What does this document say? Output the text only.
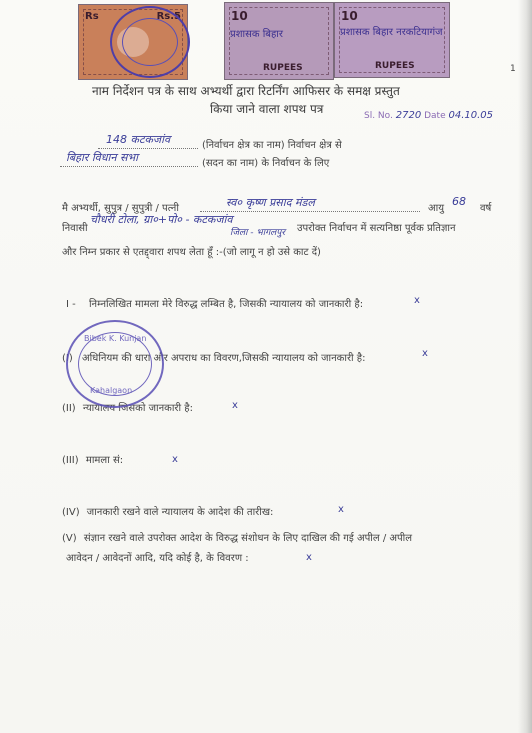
Rs	Rs.5	10
RUPEES
10
RUPEES
प्रशासक बिहार	प्रशासक बिहार नरकटियागंज
1
नाम निर्देशन पत्र के साथ अभ्यर्थी द्वारा रिटर्निंग आफिसर के समक्ष प्रस्तुत
किया जाने वाला शपथ पत्र	Sl. No. 2720 Date 04.10.05
148 कटकजांव	(निर्वाचन क्षेत्र का नाम) निर्वाचन क्षेत्र से
बिहार विधान सभा	(सदन का नाम) के निर्वाचन के लिए
मै अभ्यर्थी, सुपुत्र / सुपुत्री / पत्नी	स्व० कृष्ण प्रसाद मंडल	आयु
68
वर्ष
निवासी
चौधरी टोला, ग्रा०+पो० - कटकजांव
जिला - भागलपुर उपरोक्त निर्वाचन में सत्यनिष्ठा पूर्वक प्रतिज्ञान
और निम्न प्रकार से एतद्द्वारा शपथ लेता हूँ :-(जो लागू न हो उसे काट दें)
I - निम्नलिखित मामला मेरे विरुद्ध लम्बित है, जिसकी न्यायालय को जानकारी है:	x
(I) अधिनियम की धारा और अपराध का विवरण,जिसकी न्यायालय को जानकारी है:	x
(II) न्यायालय जिसको जानकारी है:	x
(III) मामला सं:	x
(IV) जानकारी रखने वाले न्यायालय के आदेश की तारीख:	x
(V) संज्ञान रखने वाले उपरोक्त आदेश के विरुद्ध संशोधन के लिए दाखिल की गई अपील / अपील
आवेदन / आवेदनों आदि, यदि कोई है, के विवरण :	x
Bibek K. Kunjan
Kahalgaon
